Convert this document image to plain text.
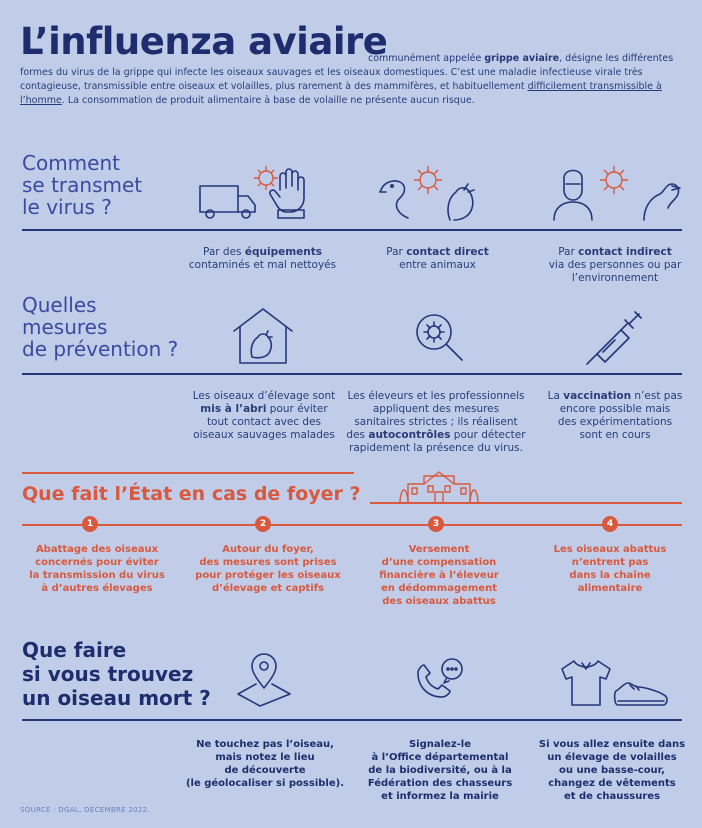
L’influenza aviaire
communément appelée grippe aviaire, désigne les différentes
formes du virus de la grippe qui infecte les oiseaux sauvages et les oiseaux domestiques. C’est une maladie infectieuse virale très contagieuse, transmissible entre oiseaux et volailles, plus rarement à des mammifères, et habituellement difficilement transmissible à l’homme. La consommation de produit alimentaire à base de volaille ne présente aucun risque.
Comment
se transmet
le virus ?
Par des équipements
contaminés et mal nettoyés
Par contact direct
entre animaux
Par contact indirect
via des personnes ou par l’environnement
Quelles
mesures
de prévention ?
Les oiseaux d’élevage sont
mis à l’abri pour éviter
tout contact avec des
oiseaux sauvages malades
Les éleveurs et les professionnels
appliquent des mesures
sanitaires strictes ; ils réalisent
des autocontrôles pour détecter
rapidement la présence du virus.
La vaccination n’est pas
encore possible mais
des expérimentations
sont en cours
Que fait l’État en cas de foyer ?
1	2	3	4
Abattage des oiseaux
concernés pour éviter
la transmission du virus
à d’autres élevages
Autour du foyer,
des mesures sont prises
pour protéger les oiseaux
d’élevage et captifs
Versement
d’une compensation
financière à l’éleveur
en dédommagement
des oiseaux abattus
Les oiseaux abattus
n’entrent pas
dans la chaîne
alimentaire
Que faire
si vous trouvez
un oiseau mort ?
Ne touchez pas l’oiseau,
mais notez le lieu
de découverte
(le géolocaliser si possible).
Signalez-le
à l’Office départemental
de la biodiversité, ou à la
Fédération des chasseurs
et informez la mairie
Si vous allez ensuite dans
un élevage de volailles
ou une basse-cour,
changez de vêtements
et de chaussures
SOURCE : DGAL, DÉCEMBRE 2022.
